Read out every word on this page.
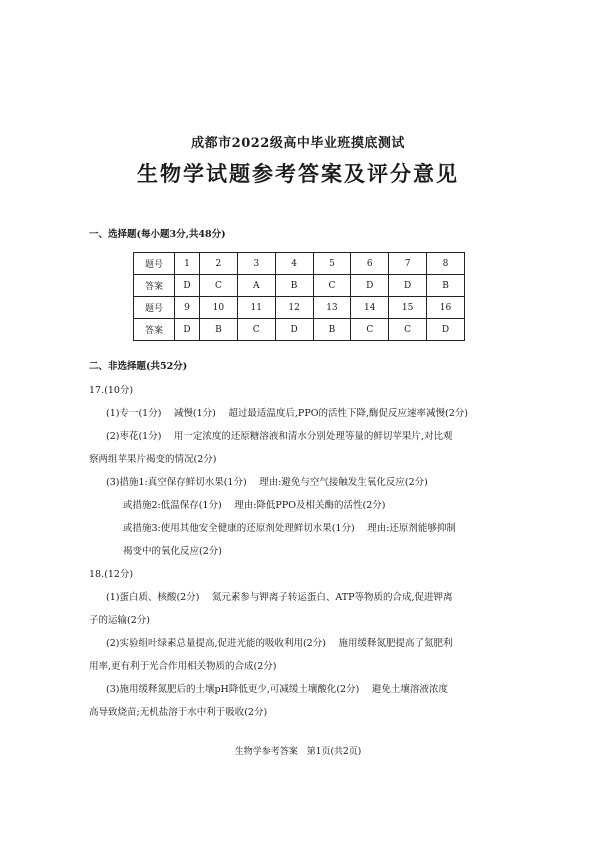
成都市2022级高中毕业班摸底测试
生物学试题参考答案及评分意见
一、选择题(每小题3分,共48分)
题号	1	2	3	4	5	6	7	8
答案	D	C	A	B	C	D	D	B
题号	9	10	11	12	13	14	15	16
答案	D	B	C	D	B	C	C	D
二、非选择题(共52分)
17.(10分)
(1)专一(1分)　 减慢(1分)　 超过最适温度后,PPO的活性下降,酶促反应速率减慢(2分)
(2)枣花(1分)　 用一定浓度的还原糖溶液和清水分别处理等量的鲜切苹果片,对比观
察两组苹果片褐变的情况(2分)
(3)措施1:真空保存鲜切水果(1分)　 理由:避免与空气接触发生氧化反应(2分)
或措施2:低温保存(1分)　 理由:降低PPO及相关酶的活性(2分)
或措施3:使用其他安全健康的还原剂处理鲜切水果(1分)　 理由:还原剂能够抑制
褐变中的氧化反应(2分)
18.(12分)
(1)蛋白质、核酸(2分)　 氮元素参与钾离子转运蛋白、ATP等物质的合成,促进钾离
子的运输(2分)
(2)实验组叶绿素总量提高,促进光能的吸收利用(2分)　 施用缓释氮肥提高了氮肥利
用率,更有利于光合作用相关物质的合成(2分)
(3)施用缓释氮肥后的土壤pH降低更少,可减缓土壤酸化(2分)　 避免土壤溶液浓度
高导致烧苗;无机盐溶于水中利于吸收(2分)
生物学参考答案　第1页(共2页)
